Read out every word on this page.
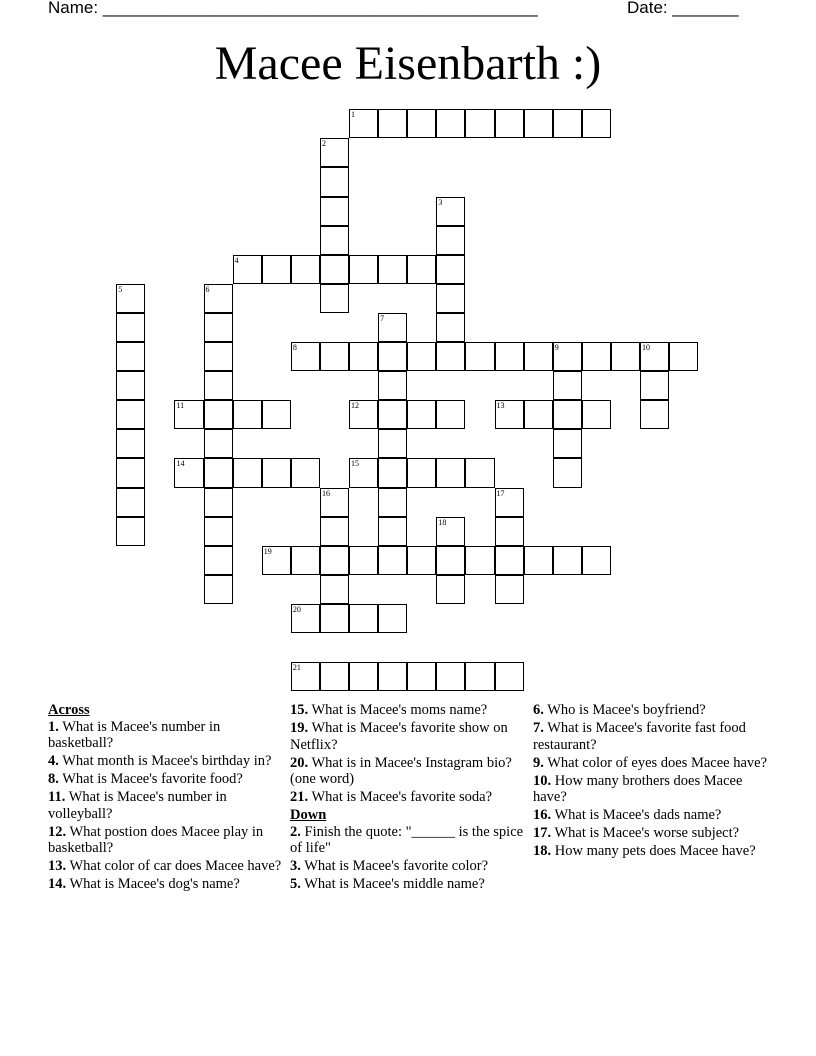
Name: ______________________________________________	Date: _______
Macee Eisenbarth :)
1
4
8	9	10
11	12	13
14	15
19
20
21
2
3
5	6
7
16	17
18
Across
1. What is Macee's number in basketball?
4. What month is Macee's birthday in?
8. What is Macee's favorite food?
11. What is Macee's number in volleyball?
12. What postion does Macee play in basketball?
13. What color of car does Macee have?
14. What is Macee's dog's name?
15. What is Macee's moms name?
19. What is Macee's favorite show on Netflix?
20. What is in Macee's Instagram bio? (one word)
21. What is Macee's favorite soda?
Down
2. Finish the quote: "______ is the spice of life"
3. What is Macee's favorite color?
5. What is Macee's middle name?
6. Who is Macee's boyfriend?
7. What is Macee's favorite fast food restaurant?
9. What color of eyes does Macee have?
10. How many brothers does Macee have?
16. What is Macee's dads name?
17. What is Macee's worse subject?
18. How many pets does Macee have?
